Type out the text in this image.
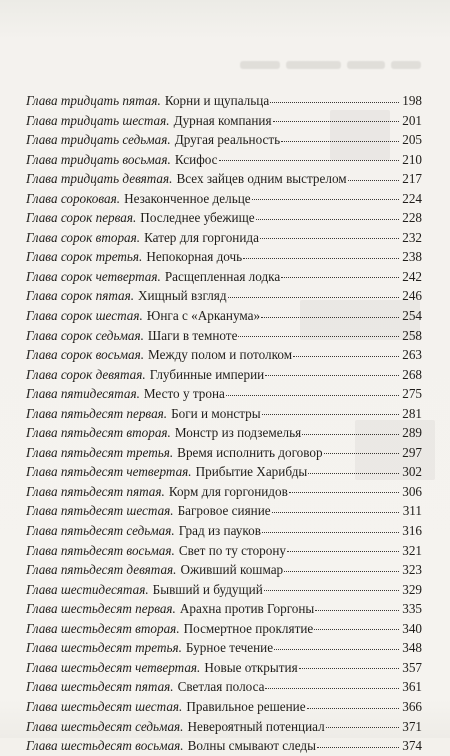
Глава тридцать пятая. Корни и щупальца	198
Глава тридцать шестая. Дурная компания	201
Глава тридцать седьмая. Другая реальность	205
Глава тридцать восьмая. Ксифос	210
Глава тридцать девятая. Всех зайцев одним выстрелом	217
Глава сороковая. Незаконченное дельце	224
Глава сорок первая. Последнее убежище	228
Глава сорок вторая. Катер для горгонида	232
Глава сорок третья. Непокорная дочь	238
Глава сорок четвертая. Расщепленная лодка	242
Глава сорок пятая. Хищный взгляд	246
Глава сорок шестая. Юнга с «Арканума»	254
Глава сорок седьмая. Шаги в темноте	258
Глава сорок восьмая. Между полом и потолком	263
Глава сорок девятая. Глубинные империи	268
Глава пятидесятая. Место у трона	275
Глава пятьдесят первая. Боги и монстры	281
Глава пятьдесят вторая. Монстр из подземелья	289
Глава пятьдесят третья. Время исполнить договор	297
Глава пятьдесят четвертая. Прибытие Харибды	302
Глава пятьдесят пятая. Корм для горгонидов	306
Глава пятьдесят шестая. Багровое сияние	311
Глава пятьдесят седьмая. Град из пауков	316
Глава пятьдесят восьмая. Свет по ту сторону	321
Глава пятьдесят девятая. Оживший кошмар	323
Глава шестидесятая. Бывший и будущий	329
Глава шестьдесят первая. Арахна против Горгоны	335
Глава шестьдесят вторая. Посмертное проклятие	340
Глава шестьдесят третья. Бурное течение	348
Глава шестьдесят четвертая. Новые открытия	357
Глава шестьдесят пятая. Светлая полоса	361
Глава шестьдесят шестая. Правильное решение	366
Глава шестьдесят седьмая. Невероятный потенциал	371
Глава шестьдесят восьмая. Волны смывают следы	374
